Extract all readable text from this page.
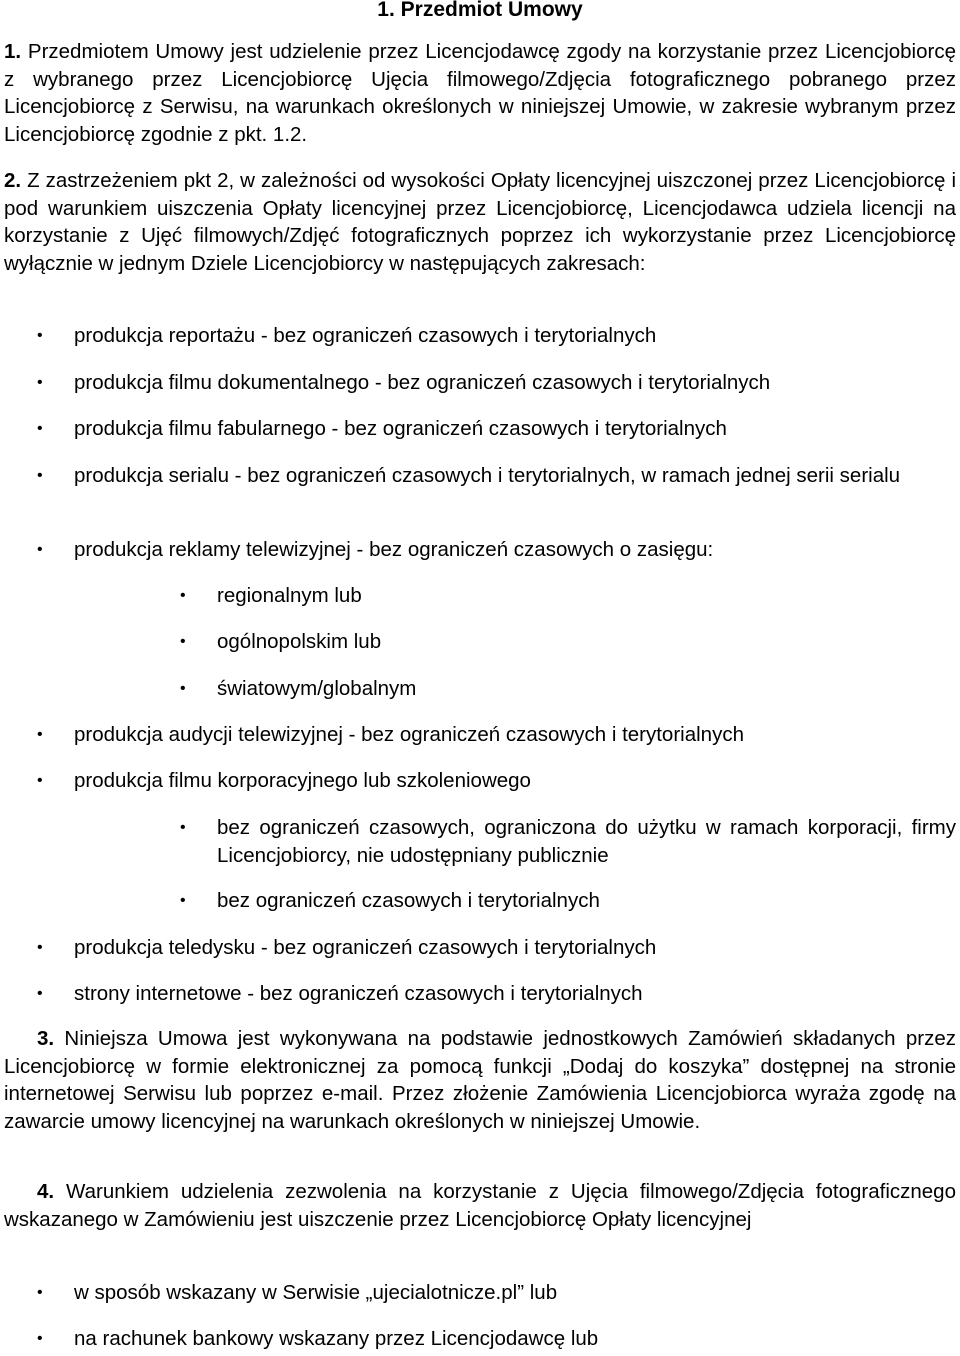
1. Przedmiot Umowy
1. Przedmiotem Umowy jest udzielenie przez Licencjodawcę zgody na korzystanie przez Licencjobiorcę z wybranego przez Licencjobiorcę Ujęcia filmowego/Zdjęcia fotograficznego pobranego przez Licencjobiorcę z Serwisu, na warunkach określonych w niniejszej Umowie, w zakresie wybranym przez Licencjobiorcę zgodnie z pkt. 1.2.
2. Z zastrzeżeniem pkt 2, w zależności od wysokości Opłaty licencyjnej uiszczonej przez Licencjobiorcę i pod warunkiem uiszczenia Opłaty licencyjnej przez Licencjobiorcę, Licencjodawca udziela licencji na korzystanie z Ujęć filmowych/Zdjęć fotograficznych poprzez ich wykorzystanie przez Licencjobiorcę wyłącznie w jednym Dziele Licencjobiorcy w następujących zakresach:
• produkcja reportażu - bez ograniczeń czasowych i terytorialnych
• produkcja filmu dokumentalnego - bez ograniczeń czasowych i terytorialnych
• produkcja filmu fabularnego - bez ograniczeń czasowych i terytorialnych
• produkcja serialu - bez ograniczeń czasowych i terytorialnych, w ramach jednej serii serialu
• produkcja reklamy telewizyjnej - bez ograniczeń czasowych o zasięgu:
• regionalnym lub
• ogólnopolskim lub
• światowym/globalnym
• produkcja audycji telewizyjnej - bez ograniczeń czasowych i terytorialnych
• produkcja filmu korporacyjnego lub szkoleniowego
• bez ograniczeń czasowych, ograniczona do użytku w ramach korporacji, firmy Licencjobiorcy, nie udostępniany publicznie
• bez ograniczeń czasowych i terytorialnych
• produkcja teledysku - bez ograniczeń czasowych i terytorialnych
• strony internetowe - bez ograniczeń czasowych i terytorialnych
3. Niniejsza Umowa jest wykonywana na podstawie jednostkowych Zamówień składanych przez Licencjobiorcę w formie elektronicznej za pomocą funkcji „Dodaj do koszyka” dostępnej na stronie internetowej Serwisu lub poprzez e-mail. Przez złożenie Zamówienia Licencjobiorca wyraża zgodę na zawarcie umowy licencyjnej na warunkach określonych w niniejszej Umowie.
4. Warunkiem udzielenia zezwolenia na korzystanie z Ujęcia filmowego/Zdjęcia fotograficznego wskazanego w Zamówieniu jest uiszczenie przez Licencjobiorcę Opłaty licencyjnej
• w sposób wskazany w Serwisie „ujecialotnicze.pl” lub
• na rachunek bankowy wskazany przez Licencjodawcę lub
